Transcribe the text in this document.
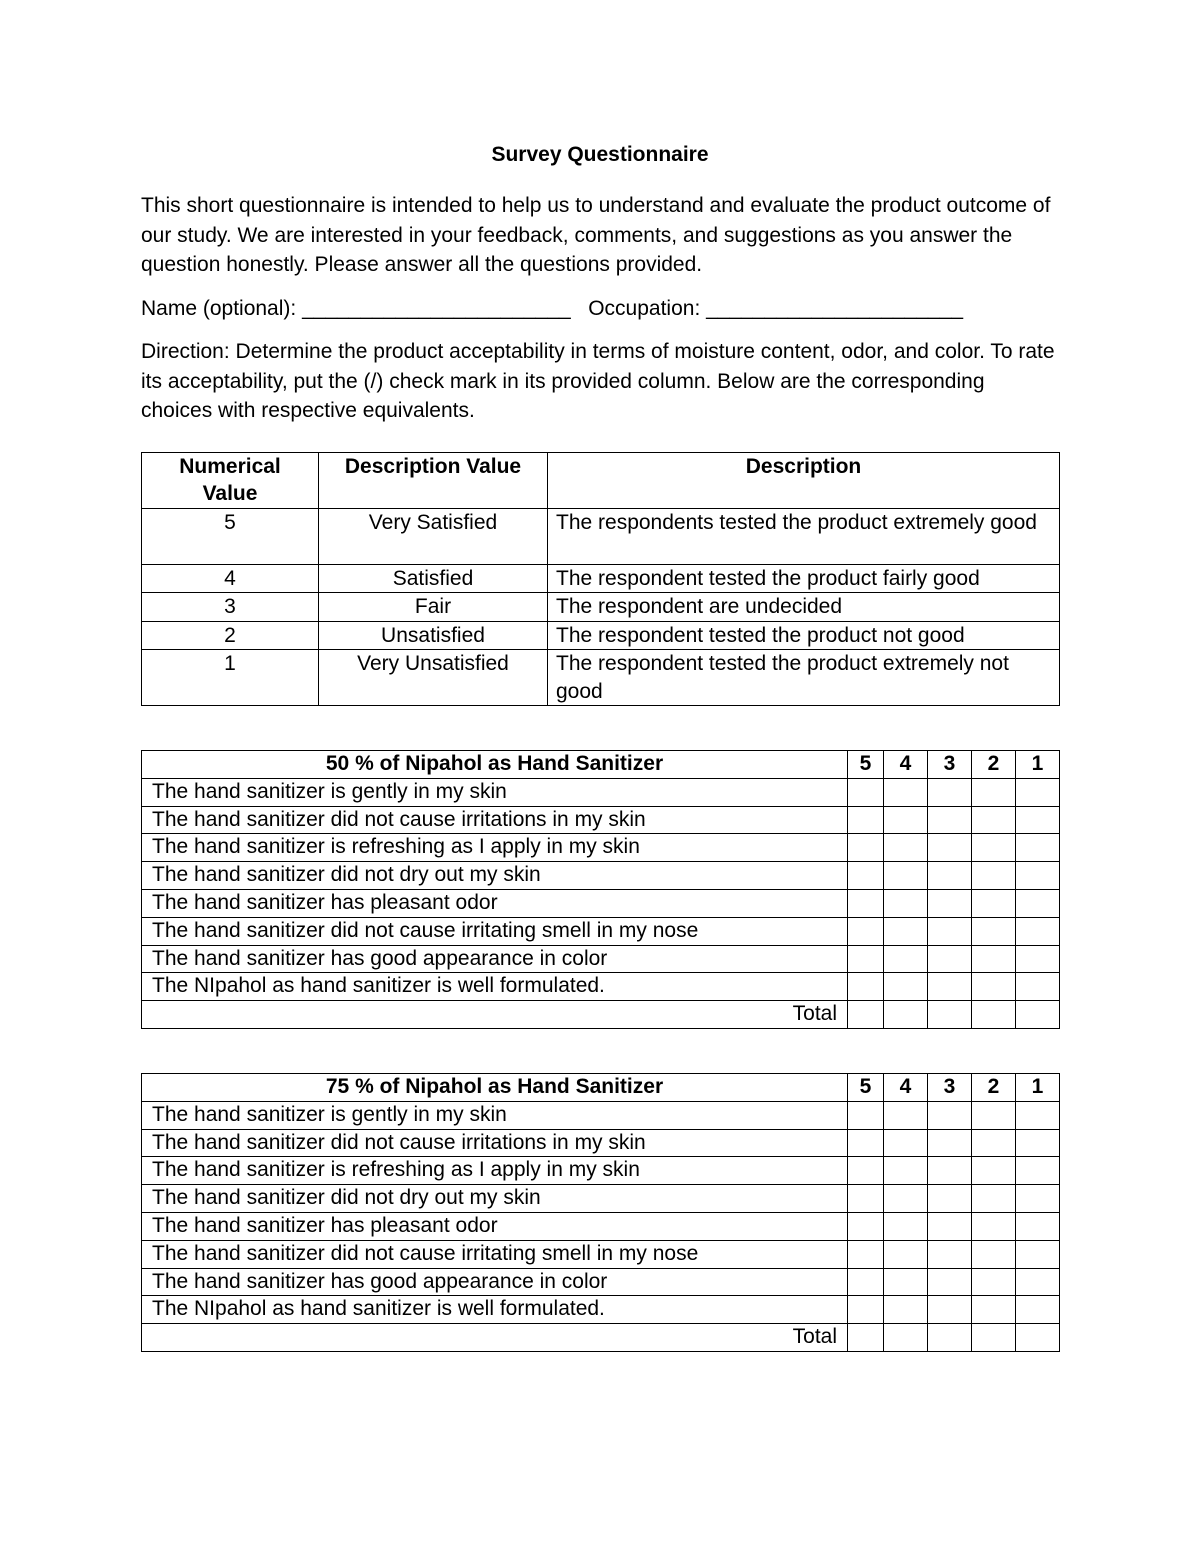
Survey Questionnaire

This short questionnaire is intended to help us to understand and evaluate the product outcome of our study. We are interested in your feedback, comments, and suggestions as you answer the question honestly. Please answer all the questions provided.

Name (optional): _______________________ Occupation: ______________________

Direction: Determine the product acceptability in terms of moisture content, odor, and color. To rate its acceptability, put the (/) check mark in its provided column. Below are the corresponding choices with respective equivalents.

Numerical Value	Description Value	Description
5	Very Satisfied	The respondents tested the product extremely good
4	Satisfied	The respondent tested the product fairly good
3	Fair	The respondent are undecided
2	Unsatisfied	The respondent tested the product not good
1	Very Unsatisfied	The respondent tested the product extremely not good
50 % of Nipahol as Hand Sanitizer	5	4	3	2	1
The hand sanitizer is gently in my skin					
The hand sanitizer did not cause irritations in my skin					
The hand sanitizer is refreshing as I apply in my skin					
The hand sanitizer did not dry out my skin					
The hand sanitizer has pleasant odor					
The hand sanitizer did not cause irritating smell in my nose					
The hand sanitizer has good appearance in color					
The NIpahol as hand sanitizer is well formulated.					
Total					
75 % of Nipahol as Hand Sanitizer	5	4	3	2	1
The hand sanitizer is gently in my skin					
The hand sanitizer did not cause irritations in my skin					
The hand sanitizer is refreshing as I apply in my skin					
The hand sanitizer did not dry out my skin					
The hand sanitizer has pleasant odor					
The hand sanitizer did not cause irritating smell in my nose					
The hand sanitizer has good appearance in color					
The NIpahol as hand sanitizer is well formulated.					
Total					
